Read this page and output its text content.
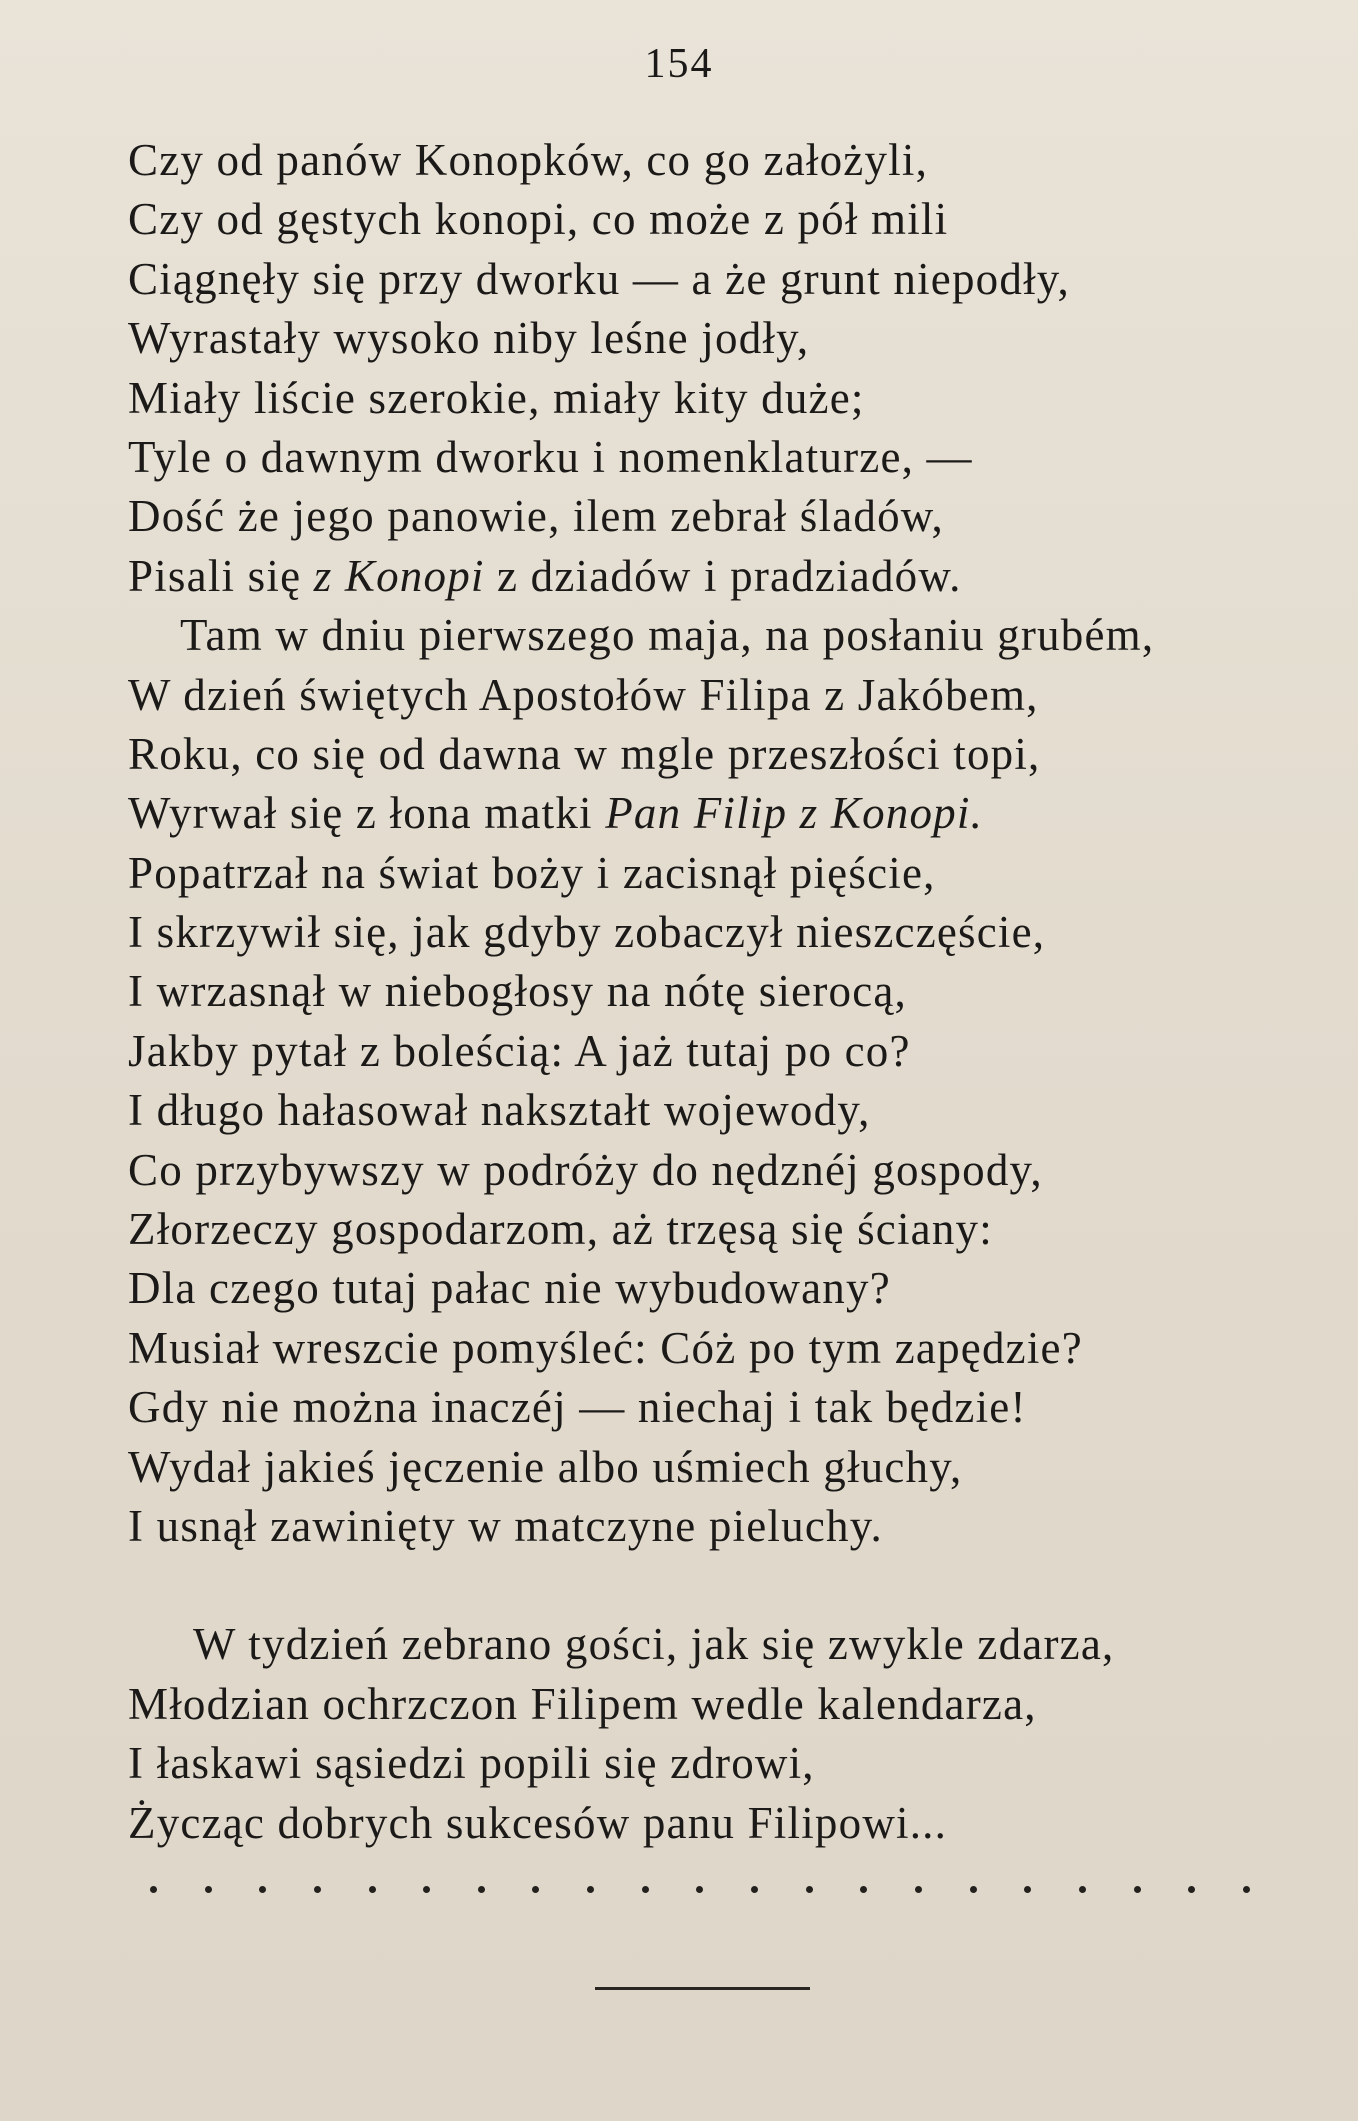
154
Czy od panów Konopków, co go założyli,
Czy od gęstych konopi, co może z pół mili
Ciągnęły się przy dworku — a że grunt niepodły,
Wyrastały wysoko niby leśne jodły,
Miały liście szerokie, miały kity duże;
Tyle o dawnym dworku i nomenklaturze, —
Dość że jego panowie, ilem zebrał śladów,
Pisali się z Konopi z dziadów i pradziadów.
Tam w dniu pierwszego maja, na posłaniu grubém,
W dzień świętych Apostołów Filipa z Jakóbem,
Roku, co się od dawna w mgle przeszłości topi,
Wyrwał się z łona matki Pan Filip z Konopi.
Popatrzał na świat boży i zacisnął pięście,
I skrzywił się, jak gdyby zobaczył nieszczęście,
I wrzasnął w niebogłosy na nótę sierocą,
Jakby pytał z boleścią: A jaż tutaj po co?
I długo hałasował nakształt wojewody,
Co przybywszy w podróży do nędznéj gospody,
Złorzeczy gospodarzom, aż trzęsą się ściany:
Dla czego tutaj pałac nie wybudowany?
Musiał wreszcie pomyśleć: Cóż po tym zapędzie?
Gdy nie można inaczéj — niechaj i tak będzie!
Wydał jakieś jęczenie albo uśmiech głuchy,
I usnął zawinięty w matczyne pieluchy.
W tydzień zebrano gości, jak się zwykle zdarza,
Młodzian ochrzczon Filipem wedle kalendarza,
I łaskawi sąsiedzi popili się zdrowi,
Życząc dobrych sukcesów panu Filipowi...
